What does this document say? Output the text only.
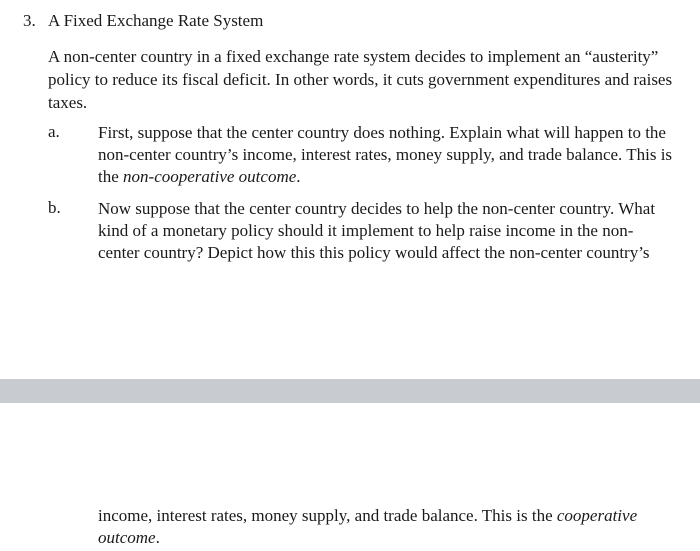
3. A Fixed Exchange Rate System
A non-center country in a fixed exchange rate system decides to implement an “austerity” policy to reduce its fiscal deficit. In other words, it cuts government expenditures and raises taxes.
a. First, suppose that the center country does nothing. Explain what will happen to the non-center country’s income, interest rates, money supply, and trade balance. This is the non-cooperative outcome.
b. Now suppose that the center country decides to help the non-center country. What kind of a monetary policy should it implement to help raise income in the non-center country? Depict how this this policy would affect the non-center country’s
income, interest rates, money supply, and trade balance. This is the cooperative outcome.
